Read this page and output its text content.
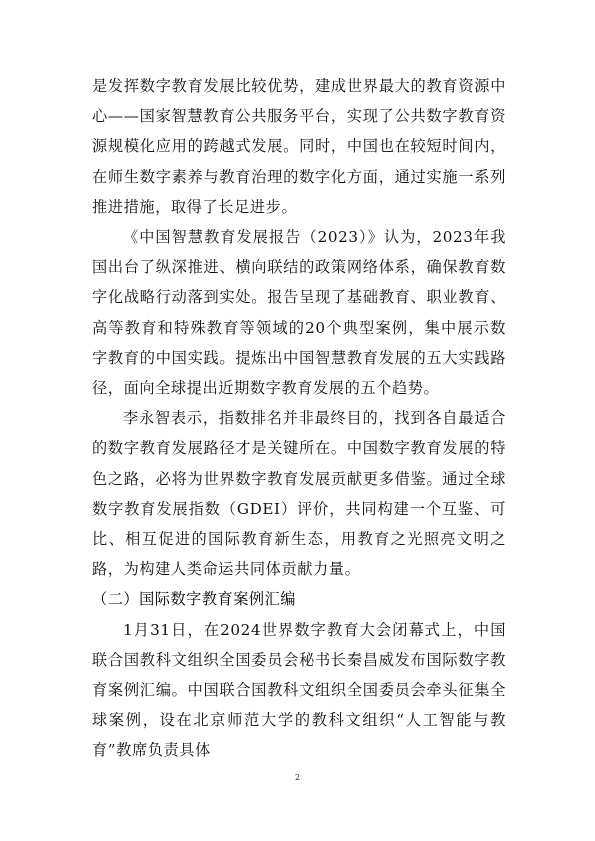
是发挥数字教育发展比较优势，建成世界最大的教育资源中心——国家智慧教育公共服务平台，实现了公共数字教育资源规模化应用的跨越式发展。同时，中国也在较短时间内，在师生数字素养与教育治理的数字化方面，通过实施一系列推进措施，取得了长足进步。

《中国智慧教育发展报告（2023）》认为，2023年我国出台了纵深推进、横向联结的政策网络体系，确保教育数字化战略行动落到实处。报告呈现了基础教育、职业教育、高等教育和特殊教育等领域的20个典型案例，集中展示数字教育的中国实践。提炼出中国智慧教育发展的五大实践路径，面向全球提出近期数字教育发展的五个趋势。

李永智表示，指数排名并非最终目的，找到各自最适合的数字教育发展路径才是关键所在。中国数字教育发展的特色之路，必将为世界数字教育发展贡献更多借鉴。通过全球数字教育发展指数（GDEI）评价，共同构建一个互鉴、可比、相互促进的国际教育新生态，用教育之光照亮文明之路，为构建人类命运共同体贡献力量。

（二）国际数字教育案例汇编

1月31日，在2024世界数字教育大会闭幕式上，中国联合国教科文组织全国委员会秘书长秦昌威发布国际数字教育案例汇编。中国联合国教科文组织全国委员会牵头征集全球案例，设在北京师范大学的教科文组织“人工智能与教育”教席负责具体

2
